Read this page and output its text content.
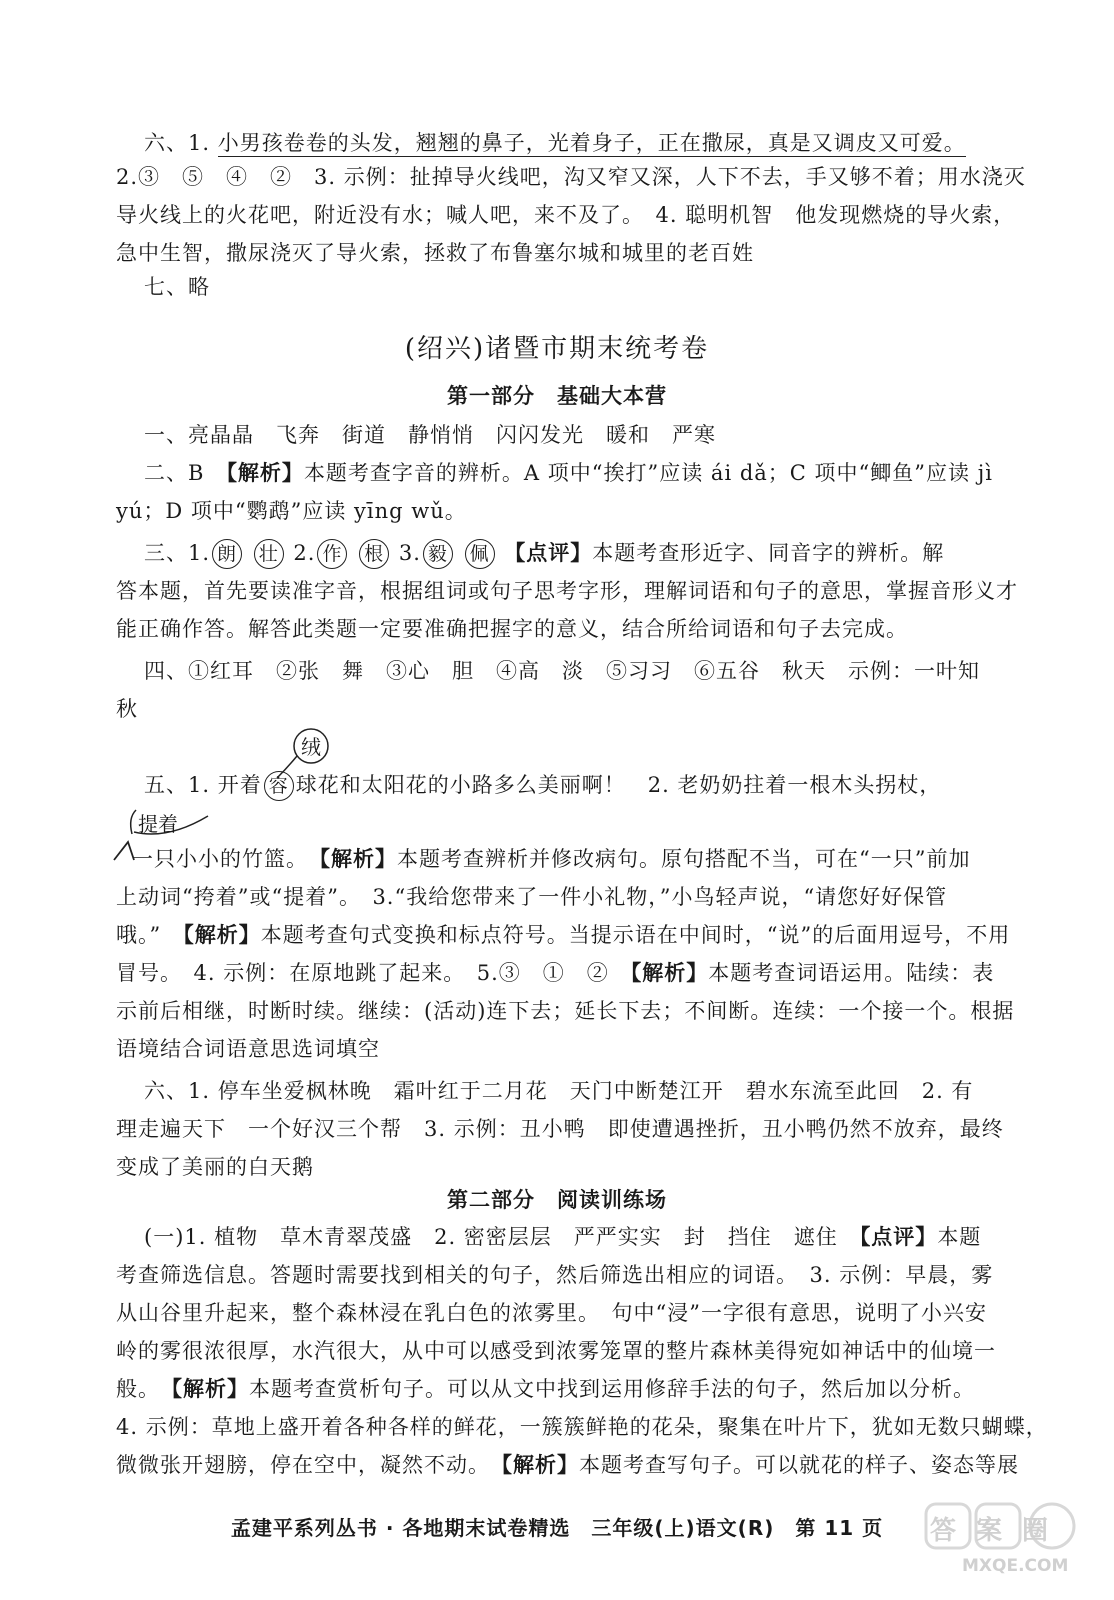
六、1. 小男孩卷卷的头发，翘翘的鼻子，光着身子，正在撒尿，真是又调皮又可爱。
2.③　⑤　④　②　3. 示例：扯掉导火线吧，沟又窄又深，人下不去，手又够不着；用水浇灭
导火线上的火花吧，附近没有水；喊人吧，来不及了。　4. 聪明机智　他发现燃烧的导火索，
急中生智，撒尿浇灭了导火索，拯救了布鲁塞尔城和城里的老百姓
七、略
(绍兴)诸暨市期末统考卷
第一部分　基础大本营
一、亮晶晶　飞奔　街道　静悄悄　闪闪发光　暖和　严寒
二、B　【解析】本题考查字音的辨析。A 项中“挨打”应读 ái dǎ；C 项中“鲫鱼”应读 jì
yú；D 项中“鹦鹉”应读 yīng wǔ。
三、1. 朗 壮 2. 作 根 3. 毅 佩 【点评】本题考查形近字、同音字的辨析。解
答本题，首先要读准字音，根据组词或句子思考字形，理解词语和句子的意思，掌握音形义才
能正确作答。解答此类题一定要准确把握字的意义，结合所给词语和句子去完成。
四、①红耳　②张　舞　③心　胆　④高　淡　⑤习习　⑥五谷　秋天　示例：一叶知
秋
绒
五、1. 开着 容 球花和太阳花的小路多么美丽啊！　2. 老奶奶拄着一根木头拐杖，
提着
一只小小的竹篮。　【解析】本题考查辨析并修改病句。原句搭配不当，可在“一只”前加
上动词“挎着”或“提着”。　3.“我给您带来了一件小礼物，”小鸟轻声说，“请您好好保管
哦。”　【解析】本题考查句式变换和标点符号。当提示语在中间时，“说”的后面用逗号，不用
冒号。　4. 示例：在原地跳了起来。　5.③　①　②　【解析】本题考查词语运用。陆续：表
示前后相继，时断时续。继续：(活动)连下去；延长下去；不间断。连续：一个接一个。根据
语境结合词语意思选词填空
六、1. 停车坐爱枫林晚　霜叶红于二月花　天门中断楚江开　碧水东流至此回　2. 有
理走遍天下　一个好汉三个帮　3. 示例：丑小鸭　即使遭遇挫折，丑小鸭仍然不放弃，最终
变成了美丽的白天鹅
第二部分　阅读训练场
(一)1. 植物　草木青翠茂盛　2. 密密层层　严严实实　封　挡住　遮住　【点评】本题
考查筛选信息。答题时需要找到相关的句子，然后筛选出相应的词语。　3. 示例：早晨，雾
从山谷里升起来，整个森林浸在乳白色的浓雾里。　句中“浸”一字很有意思，说明了小兴安
岭的雾很浓很厚，水汽很大，从中可以感受到浓雾笼罩的整片森林美得宛如神话中的仙境一
般。　【解析】本题考查赏析句子。可以从文中找到运用修辞手法的句子，然后加以分析。
4. 示例：草地上盛开着各种各样的鲜花，一簇簇鲜艳的花朵，聚集在叶片下，犹如无数只蝴蝶，
微微张开翅膀，停在空中，凝然不动。　【解析】本题考查写句子。可以就花的样子、姿态等展
孟建平系列丛书 · 各地期末试卷精选　三年级(上)语文(R)　第 11 页	答案圈
MXQE.COM
